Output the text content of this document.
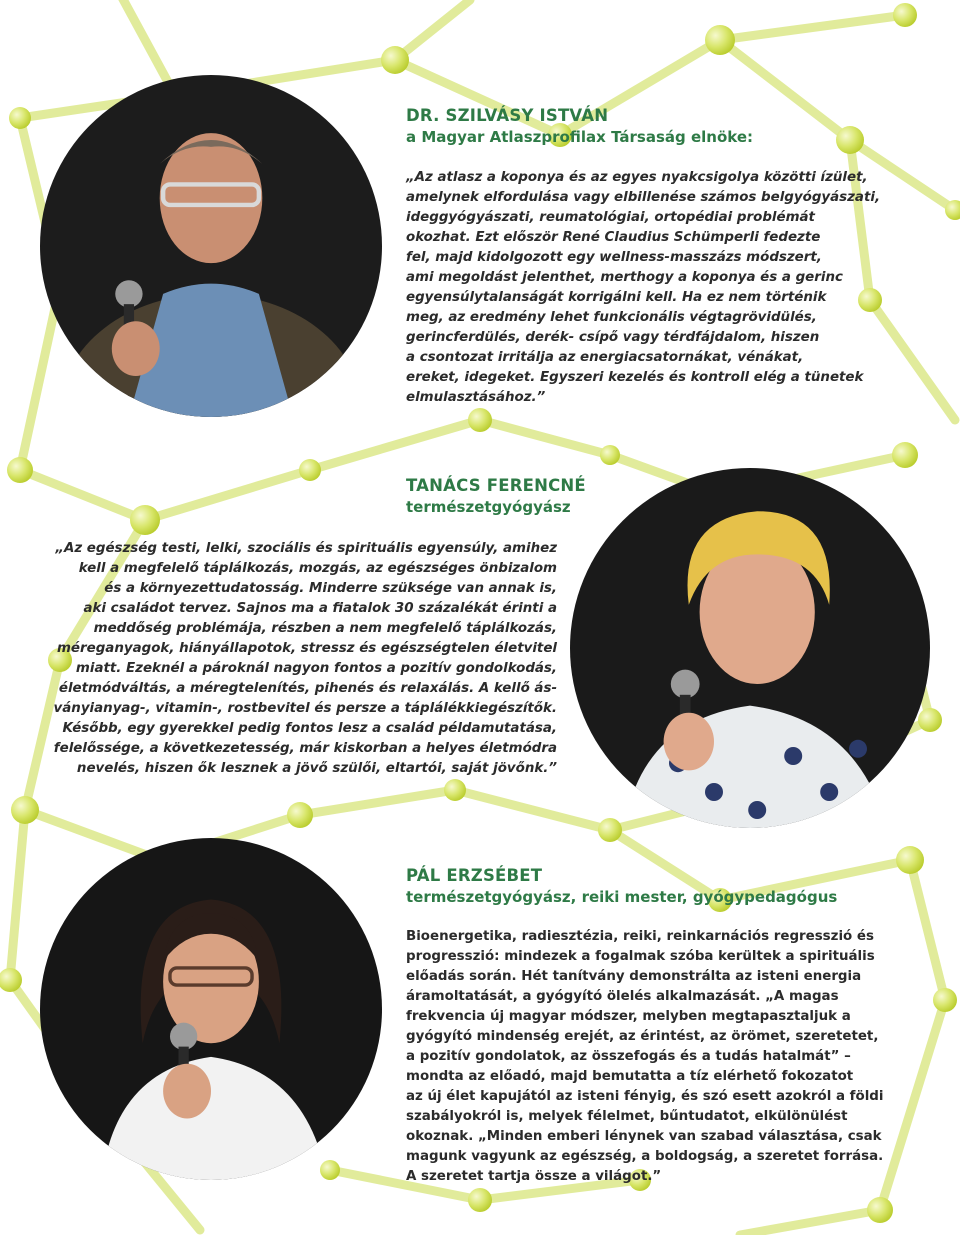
DR. SZILVÁSY ISTVÁN

a Magyar Atlaszprofilax Társaság elnöke:

„Az atlasz a koponya és az egyes nyakcsigolya közötti ízület,
amelynek elfordulása vagy elbillenése számos belgyógyászati,
ideggyógyászati, reumatológiai, ortopédiai problémát
okozhat. Ezt először René Claudius Schümperli fedezte
fel, majd kidolgozott egy wellness-masszázs módszert,
ami megoldást jelenthet, merthogy a koponya és a gerinc
egyensúlytalanságát korrigálni kell. Ha ez nem történik
meg, az eredmény lehet funkcionális végtagrövidülés,
gerincferdülés, derék- csípő vagy térdfájdalom, hiszen
a csontozat irritálja az energiacsatornákat, vénákat,
ereket, idegeket. Egyszeri kezelés és kontroll elég a tünetek
elmulasztásához.”

TANÁCS FERENCNÉ

természetgyógyász

„Az egészség testi, lelki, szociális és spirituális egyensúly, amihez
kell a megfelelő táplálkozás, mozgás, az egészséges önbizalom
és a környezettudatosság. Minderre szüksége van annak is,
aki családot tervez. Sajnos ma a fiatalok 30 százalékát érinti a
meddőség problémája, részben a nem megfelelő táplálkozás,
méreganyagok, hiányállapotok, stressz és egészségtelen életvitel
miatt. Ezeknél a pároknál nagyon fontos a pozitív gondolkodás,
életmódváltás, a méregtelenítés, pihenés és relaxálás. A kellő ás-
ványianyag-, vitamin-, rostbevitel és persze a táplálékkiegészítők.
Később, egy gyerekkel pedig fontos lesz a család példamutatása,
felelőssége, a következetesség, már kiskorban a helyes életmódra
nevelés, hiszen ők lesznek a jövő szülői, eltartói, saját jövőnk.”

PÁL ERZSÉBET

természetgyógyász, reiki mester, gyógypedagógus

Bioenergetika, radiesztézia, reiki, reinkarnációs regresszió és
progresszió: mindezek a fogalmak szóba kerültek a spirituális
előadás során. Hét tanítvány demonstrálta az isteni energia
áramoltatását, a gyógyító ölelés alkalmazását. „A magas
frekvencia új magyar módszer, melyben megtapasztaljuk a
gyógyító mindenség erejét, az érintést, az örömet, szeretetet,
a pozitív gondolatok, az összefogás és a tudás hatalmát” –
mondta az előadó, majd bemutatta a tíz elérhető fokozatot
az új élet kapujától az isteni fényig, és szó esett azokról a földi
szabályokról is, melyek félelmet, bűntudatot, elkülönülést
okoznak. „Minden emberi lénynek van szabad választása, csak
magunk vagyunk az egészség, a boldogság, a szeretet forrása.
A szeretet tartja össze a világot.”
